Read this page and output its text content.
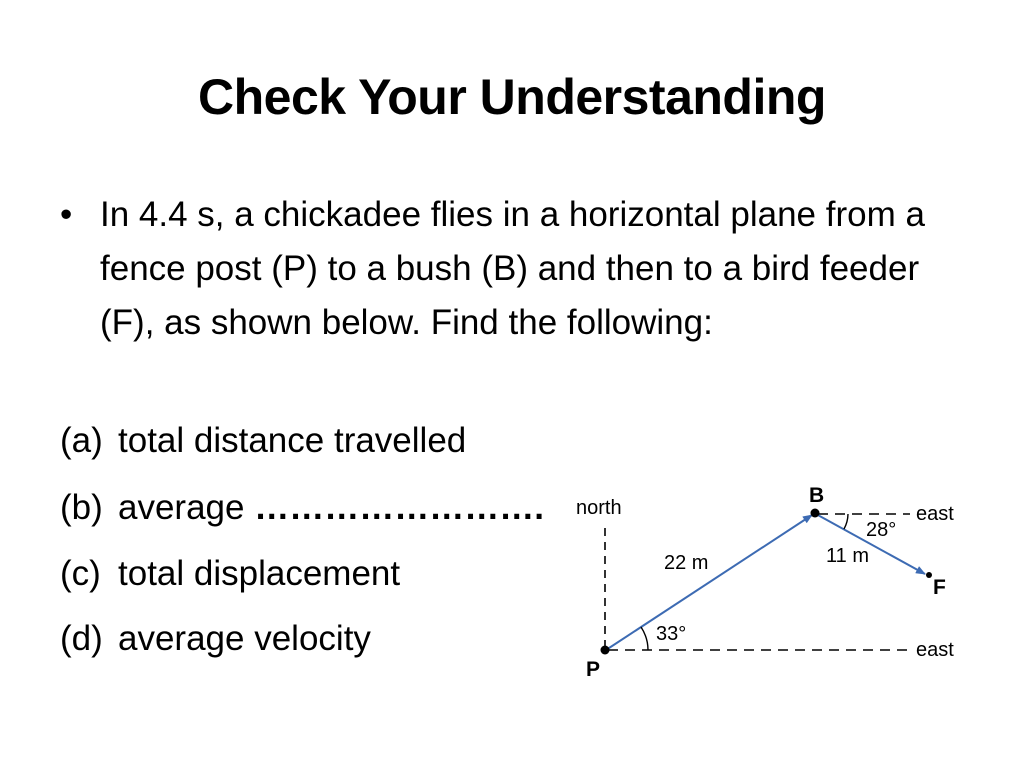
Check Your Understanding
• In 4.4 s, a chickadee flies in a horizontal plane from a fence post (P) to a bush (B) and then to a bird feeder (F), as shown below. Find the following:
(a) total distance travelled
(b) average …………………….
(c) total displacement
(d) average velocity
north
east
east
P
B
F
22 m	11 m
33°
28°
